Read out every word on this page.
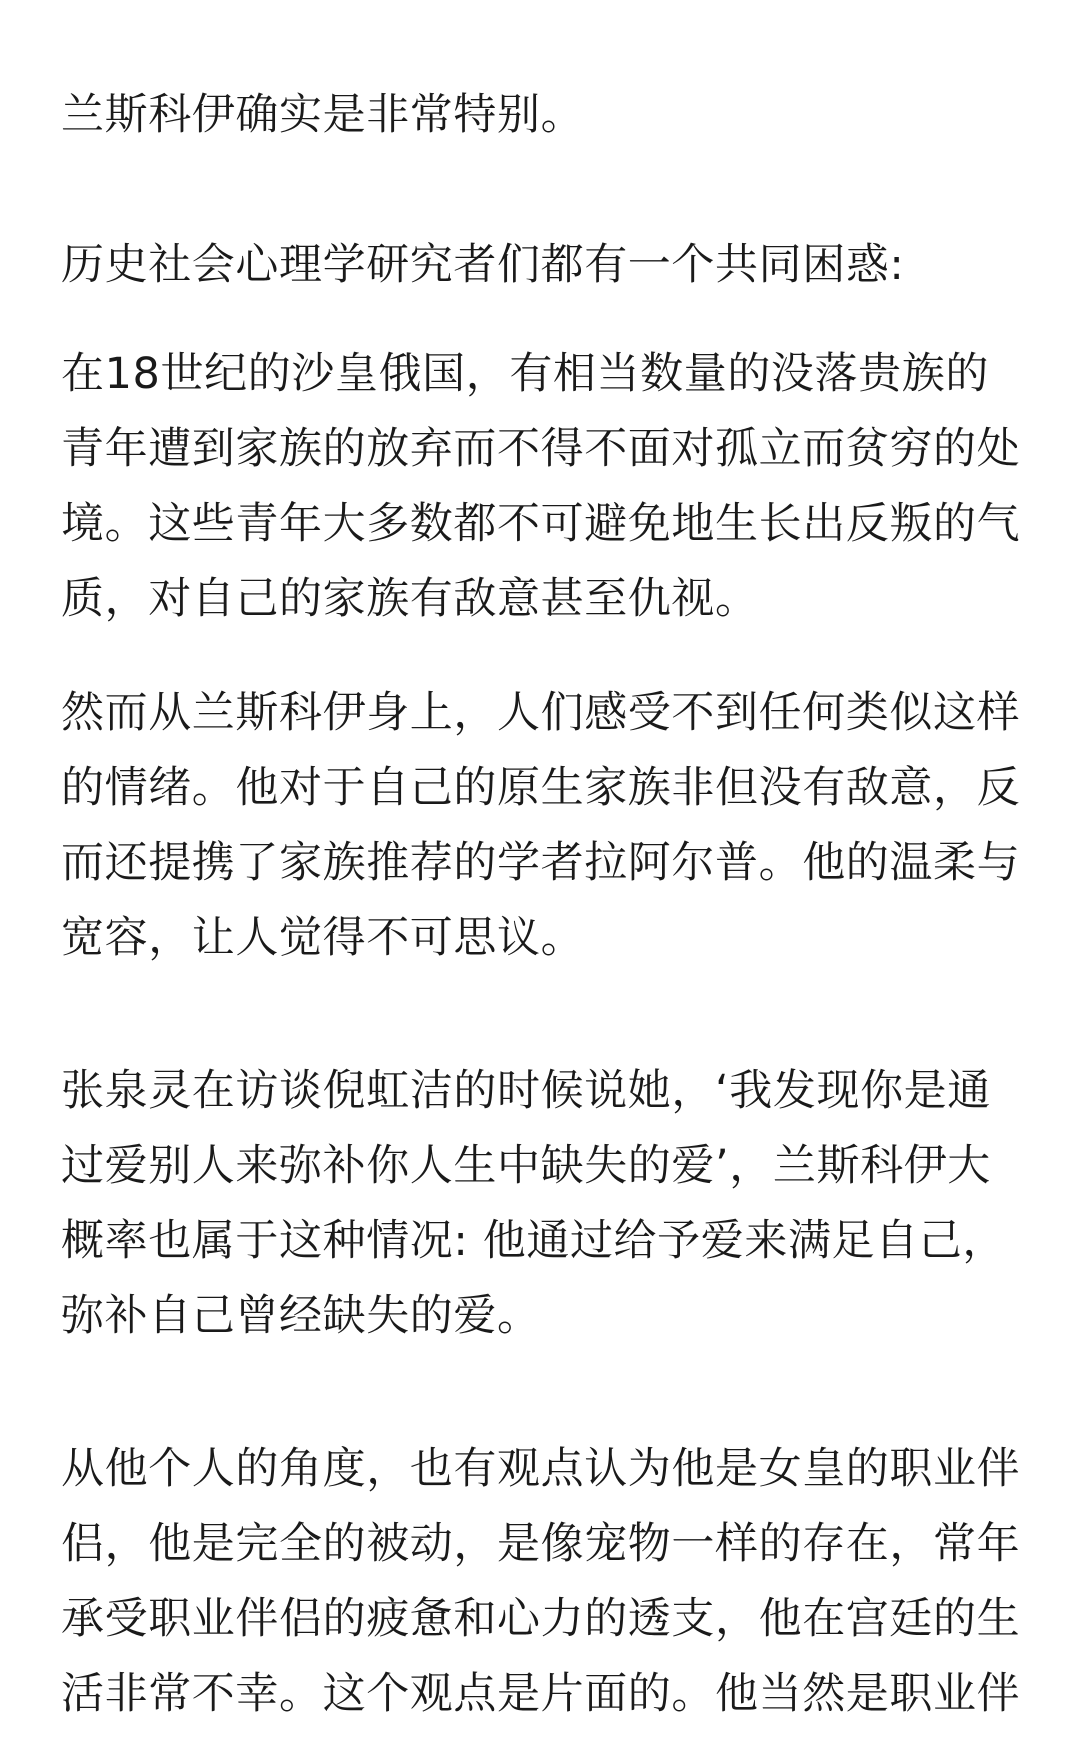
兰斯科伊确实是非常特别。

历史社会心理学研究者们都有一个共同困惑:

在18世纪的沙皇俄国，有相当数量的没落贵族的青年遭到家族的放弃而不得不面对孤立而贫穷的处境。这些青年大多数都不可避免地生长出反叛的气质，对自己的家族有敌意甚至仇视。

然而从兰斯科伊身上，人们感受不到任何类似这样的情绪。他对于自己的原生家族非但没有敌意，反而还提携了家族推荐的学者拉阿尔普。他的温柔与宽容，让人觉得不可思议。

张泉灵在访谈倪虹洁的时候说她，‘我发现你是通过爱别人来弥补你人生中缺失的爱’，兰斯科伊大概率也属于这种情况: 他通过给予爱来满足自己，弥补自己曾经缺失的爱。

从他个人的角度，也有观点认为他是女皇的职业伴侣，他是完全的被动，是像宠物一样的存在，常年承受职业伴侣的疲惫和心力的透支，他在宫廷的生活非常不幸。这个观点是片面的。他当然是职业伴
